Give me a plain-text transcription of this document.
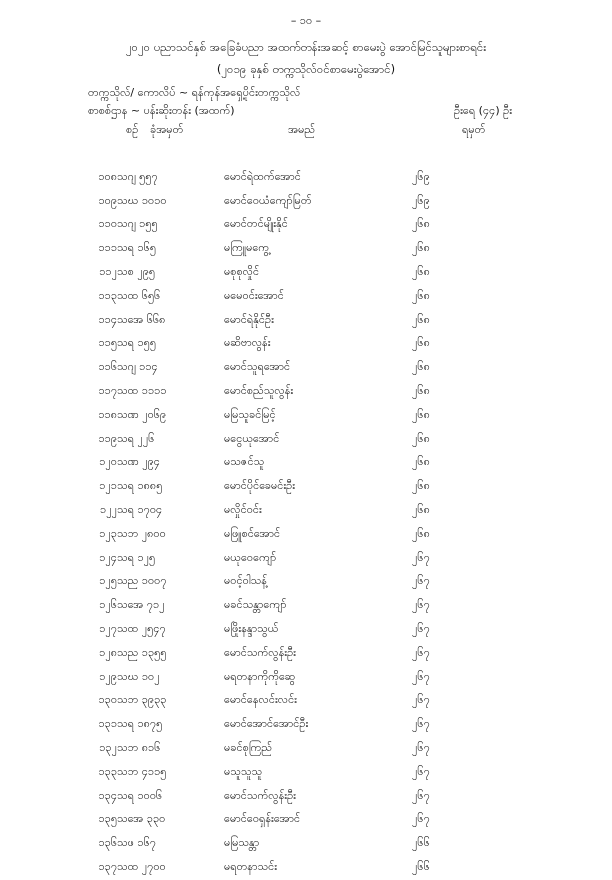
– ၁၀ –
၂၀၂၀ ပညာသင်နှစ် အခြေခံပညာ အထက်တန်းအဆင့် စာမေးပွဲ အောင်မြင်သူများစာရင်း
(၂၀၁၉ ခုနှစ် တက္ကသိုလ်ဝင်စာမေးပွဲအောင်)
တက္ကသိုလ်/ ကောလိပ် ~ ရန်ကုန်အရှေ့ပိုင်းတက္ကသိုလ်
စာစစ်ဌာန ~ ပန်းဆိုးတန်း (အထက်)	ဦးရေ (၄၄) ဦး
စဉ် ခုံအမှတ်	အမည်	ရမှတ်
၁၀၈	သဂျ ၅၅၇	မောင်ရဲထက်အောင်	၂၆၉
၁၀၉	သဃ ၁၀၁၀	မောင်ဝေယံကျော်မြတ်	၂၆၉
၁၁၀	သဂျ ၁၅၅	မောင်တင်မျိုးနိုင်	၂၆၈
၁၁၁	သရ ၁၆၅	မကြူမကွေ့	၂၆၈
၁၁၂	သစ ၂၉၅	မစုစုလှိုင်	၂၆၈
၁၁၃	သထ ၆၅၆	မမေဝင်းအောင်	၂၆၈
၁၁၄	သအေ ၆၆၈	မောင်ရဲနိုင်ဦး	၂၆၈
၁၁၅	သရ ၁၅၅	မဆိဗာလွန်း	၂၆၈
၁၁၆	သဂျ ၁၁၄	မောင်သူရအောင်	၂၆၈
၁၁၇	သထ ၁၁၁၁	မောင်စည်သူလွန်း	၂၆၈
၁၁၈	သဏ ၂၀၆၉	မမြသူခင်မြင့်	၂၆၈
၁၁၉	သရ ၂၂၆	မငွေယုအောင်	၂၆၈
၁၂၀	သဏ ၂၉၄	မသဇင်သူ	၂၆၈
၁၂၁	သရ ၁၈၈၅	မောင်ပိုင်ခေမင်းဦး	၂၆၈
၁၂၂	သရ ၁၇၀၄	မလှိုင်ဝင်း	၂၆၈
၁၂၃	သဘ ၂၈၀၀	မဖြူစင်အောင်	၂၆၈
၁၂၄	သရ ၁၂၅	မယုဝေကျော်	၂၆၇
၁၂၅	သည ၁၀၀၇	မဝင့်ဝါသန့်	၂၆၇
၁၂၆	သအေ ၇၁၂	မခင်သန္တာကျော်	၂၆၇
၁၂၇	သထ ၂၅၄၇	မဖြိုးနန္ဒာသွယ်	၂၆၇
၁၂၈	သည ၁၃၅၅	မောင်သက်လွန်းဦး	၂၆၇
၁၂၉	သဃ ၁၀၂	မရတနာကိုကိုဆွေ	၂၆၇
၁၃၀	သဘ ၃၉၃၃	မောင်နေလင်းလင်း	၂၆၇
၁၃၁	သရ ၁၈၇၅	မောင်အောင်အောင်ဦး	၂၆၇
၁၃၂	သဘ ၈၁၆	မခင်စုကြည်	၂၆၇
၁၃၃	သဘ ၄၁၁၅	မသူသူသူ	၂၆၇
၁၃၄	သရ ၁၀၀၆	မောင်သက်လွန်းဦး	၂၆၇
၁၃၅	သအေ ၃၃၀	မောင်ဝေရှန်းအောင်	၂၆၇
၁၃၆	သဖ ၁၆၇	မမြသန္တာ	၂၆၆
၁၃၇	သထ ၂၇၀၀	မရတနာသင်း	၂၆၆
